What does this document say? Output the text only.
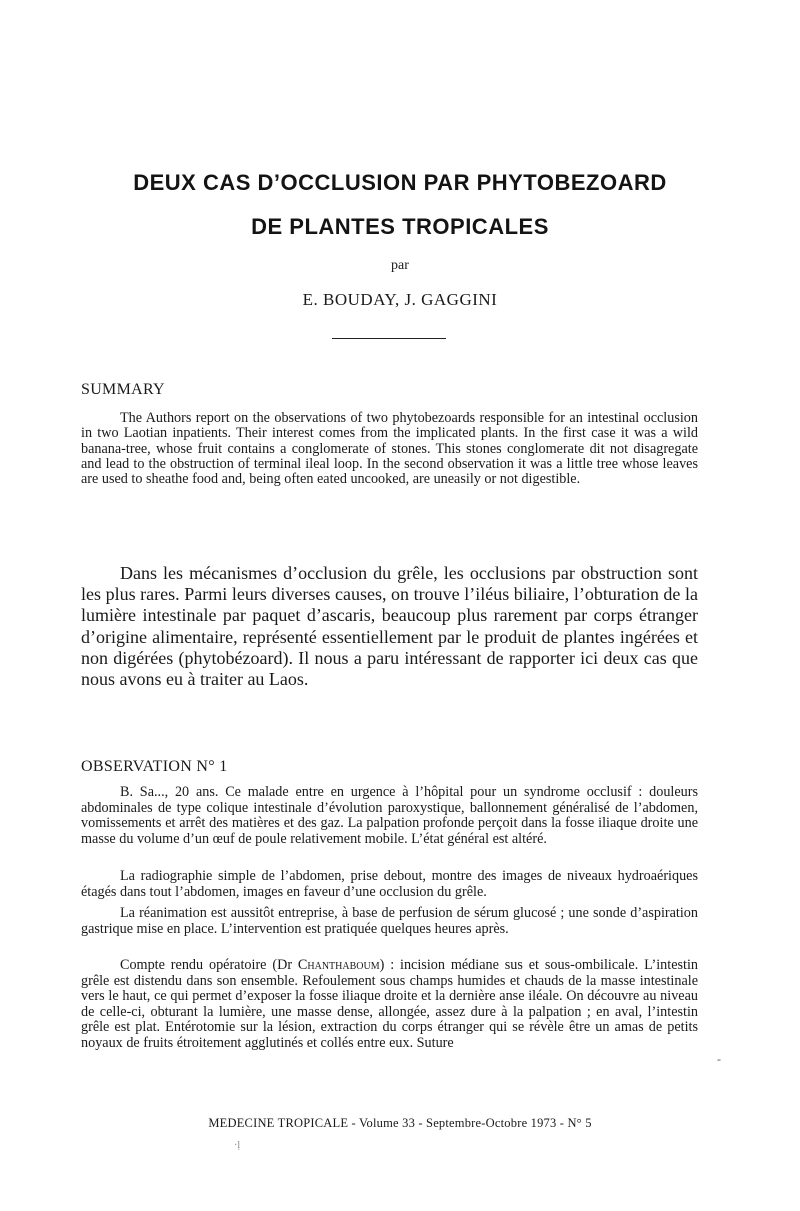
DEUX CAS D’OCCLUSION PAR PHYTOBEZOARD
DE PLANTES TROPICALES
par
E. BOUDAY, J. GAGGINI
SUMMARY

The Authors report on the observations of two phytobezoards responsible for an intestinal occlusion in two Laotian inpatients. Their interest comes from the implicated plants. In the first case it was a wild banana-tree, whose fruit contains a conglomerate of stones. This stones conglomerate dit not disagregate and lead to the obstruction of terminal ileal loop. In the second observation it was a little tree whose leaves are used to sheathe food and, being often eated uncooked, are uneasily or not digestible.

Dans les mécanismes d’occlusion du grêle, les occlusions par obstruction sont les plus rares. Parmi leurs diverses causes, on trouve l’iléus biliaire, l’obturation de la lumière intestinale par paquet d’ascaris, beaucoup plus rarement par corps étranger d’origine alimentaire, représenté essentiellement par le produit de plantes ingérées et non digérées (phytobézoard). Il nous a paru intéressant de rapporter ici deux cas que nous avons eu à traiter au Laos.

OBSERVATION N° 1

B. Sa..., 20 ans. Ce malade entre en urgence à l’hôpital pour un syndrome occlusif : douleurs abdominales de type colique intestinale d’évolution paroxystique, ballonnement généralisé de l’abdomen, vomissements et arrêt des matières et des gaz. La palpation profonde perçoit dans la fosse iliaque droite une masse du volume d’un œuf de poule relativement mobile. L’état général est altéré.

La radiographie simple de l’abdomen, prise debout, montre des images de niveaux hydroaériques étagés dans tout l’abdomen, images en faveur d’une occlusion du grêle.

La réanimation est aussitôt entreprise, à base de perfusion de sérum glucosé ; une sonde d’aspiration gastrique mise en place. L’intervention est pratiquée quelques heures après.

Compte rendu opératoire (Dr Chanthaboum) : incision médiane sus et sous-ombilicale. L’intestin grêle est distendu dans son ensemble. Refoulement sous champs humides et chauds de la masse intestinale vers le haut, ce qui permet d’exposer la fosse iliaque droite et la dernière anse iléale. On découvre au niveau de celle-ci, obturant la lumière, une masse dense, allongée, assez dure à la palpation ; en aval, l’intestin grêle est plat. Entérotomie sur la lésion, extraction du corps étranger qui se révèle être un amas de petits noyaux de fruits étroitement agglutinés et collés entre eux. Suture

-
MEDECINE TROPICALE - Volume 33 - Septembre-Octobre 1973 - N° 5
·ḷ
